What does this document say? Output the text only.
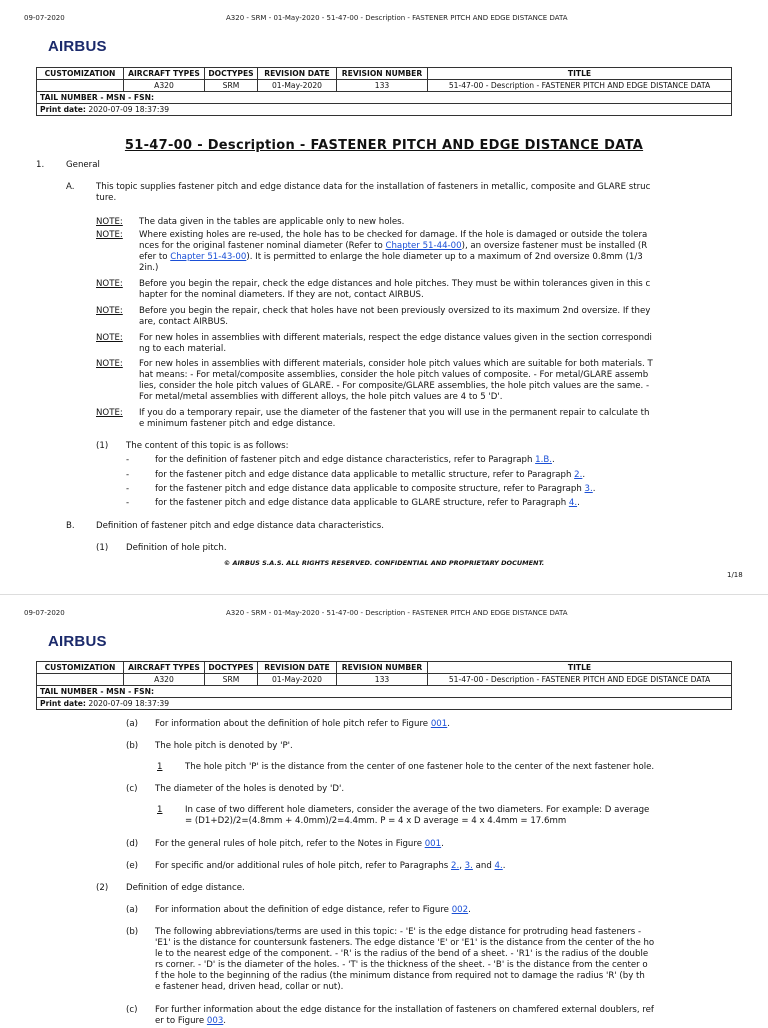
09-07-2020	A320 - SRM - 01-May-2020 - 51-47-00 - Description - FASTENER PITCH AND EDGE DISTANCE DATA
AIRBUS
CUSTOMIZATION	AIRCRAFT TYPES	DOCTYPES	REVISION DATE	REVISION NUMBER	TITLE
	A320	SRM	01-May-2020	133	51-47-00 - Description - FASTENER PITCH AND EDGE DISTANCE DATA
TAIL NUMBER - MSN - FSN:					
Print date: 2020-07-09 18:37:39					
51-47-00 - Description - FASTENER PITCH AND EDGE DISTANCE DATA
1.	General
A.	This topic supplies fastener pitch and edge distance data for the installation of fasteners in metallic, composite and GLARE struc
ture.
NOTE: The data given in the tables are applicable only to new holes.
NOTE: Where existing holes are re-used, the hole has to be checked for damage. If the hole is damaged or outside the tolera
nces for the original fastener nominal diameter (Refer to Chapter 51-44-00), an oversize fastener must be installed (R
efer to Chapter 51-43-00). It is permitted to enlarge the hole diameter up to a maximum of 2nd oversize 0.8mm (1/3
2in.)
NOTE: Before you begin the repair, check the edge distances and hole pitches. They must be within tolerances given in this c
hapter for the nominal diameters. If they are not, contact AIRBUS.
NOTE: Before you begin the repair, check that holes have not been previously oversized to its maximum 2nd oversize. If they
are, contact AIRBUS.
NOTE: For new holes in assemblies with different materials, respect the edge distance values given in the section correspondi
ng to each material.
NOTE: For new holes in assemblies with different materials, consider hole pitch values which are suitable for both materials. T
hat means: - For metal/composite assemblies, consider the hole pitch values of composite. - For metal/GLARE assemb
lies, consider the hole pitch values of GLARE. - For composite/GLARE assemblies, the hole pitch values are the same. -
For metal/metal assemblies with different alloys, the hole pitch values are 4 to 5 'D'.
NOTE: If you do a temporary repair, use the diameter of the fastener that you will use in the permanent repair to calculate th
e minimum fastener pitch and edge distance.
(1) The content of this topic is as follows:
-	for the definition of fastener pitch and edge distance characteristics, refer to Paragraph 1.B..
-	for the fastener pitch and edge distance data applicable to metallic structure, refer to Paragraph 2..
-	for the fastener pitch and edge distance data applicable to composite structure, refer to Paragraph 3..
-	for the fastener pitch and edge distance data applicable to GLARE structure, refer to Paragraph 4..
B. Definition of fastener pitch and edge distance data characteristics.
(1) Definition of hole pitch.
© AIRBUS S.A.S. ALL RIGHTS RESERVED. CONFIDENTIAL AND PROPRIETARY DOCUMENT.
1/18
09-07-2020	A320 - SRM - 01-May-2020 - 51-47-00 - Description - FASTENER PITCH AND EDGE DISTANCE DATA
AIRBUS
CUSTOMIZATION	AIRCRAFT TYPES	DOCTYPES	REVISION DATE	REVISION NUMBER	TITLE
	A320	SRM	01-May-2020	133	51-47-00 - Description - FASTENER PITCH AND EDGE DISTANCE DATA
TAIL NUMBER - MSN - FSN:					
Print date: 2020-07-09 18:37:39					
(a) For information about the definition of hole pitch refer to Figure 001.
(b) The hole pitch is denoted by 'P'.
1	The hole pitch 'P' is the distance from the center of one fastener hole to the center of the next fastener hole.
(c) The diameter of the holes is denoted by 'D'.
1	In case of two different hole diameters, consider the average of the two diameters. For example: D average
= (D1+D2)/2=(4.8mm + 4.0mm)/2=4.4mm. P = 4 x D average = 4 x 4.4mm = 17.6mm
(d) For the general rules of hole pitch, refer to the Notes in Figure 001.
(e) For specific and/or additional rules of hole pitch, refer to Paragraphs 2., 3. and 4..
(2) Definition of edge distance.
(a) For information about the definition of edge distance, refer to Figure 002.
(b) The following abbreviations/terms are used in this topic: - 'E' is the edge distance for protruding head fasteners -
'E1' is the distance for countersunk fasteners. The edge distance 'E' or 'E1' is the distance from the center of the ho
le to the nearest edge of the component. - 'R' is the radius of the bend of a sheet. - 'R1' is the radius of the double
rs corner. - 'D' is the diameter of the holes. - 'T' is the thickness of the sheet. - 'B' is the distance from the center o
f the hole to the beginning of the radius (the minimum distance from required not to damage the radius 'R' (by th
e fastener head, driven head, collar or nut).
(c) For further information about the edge distance for the installation of fasteners on chamfered external doublers, ref
er to Figure 003.
